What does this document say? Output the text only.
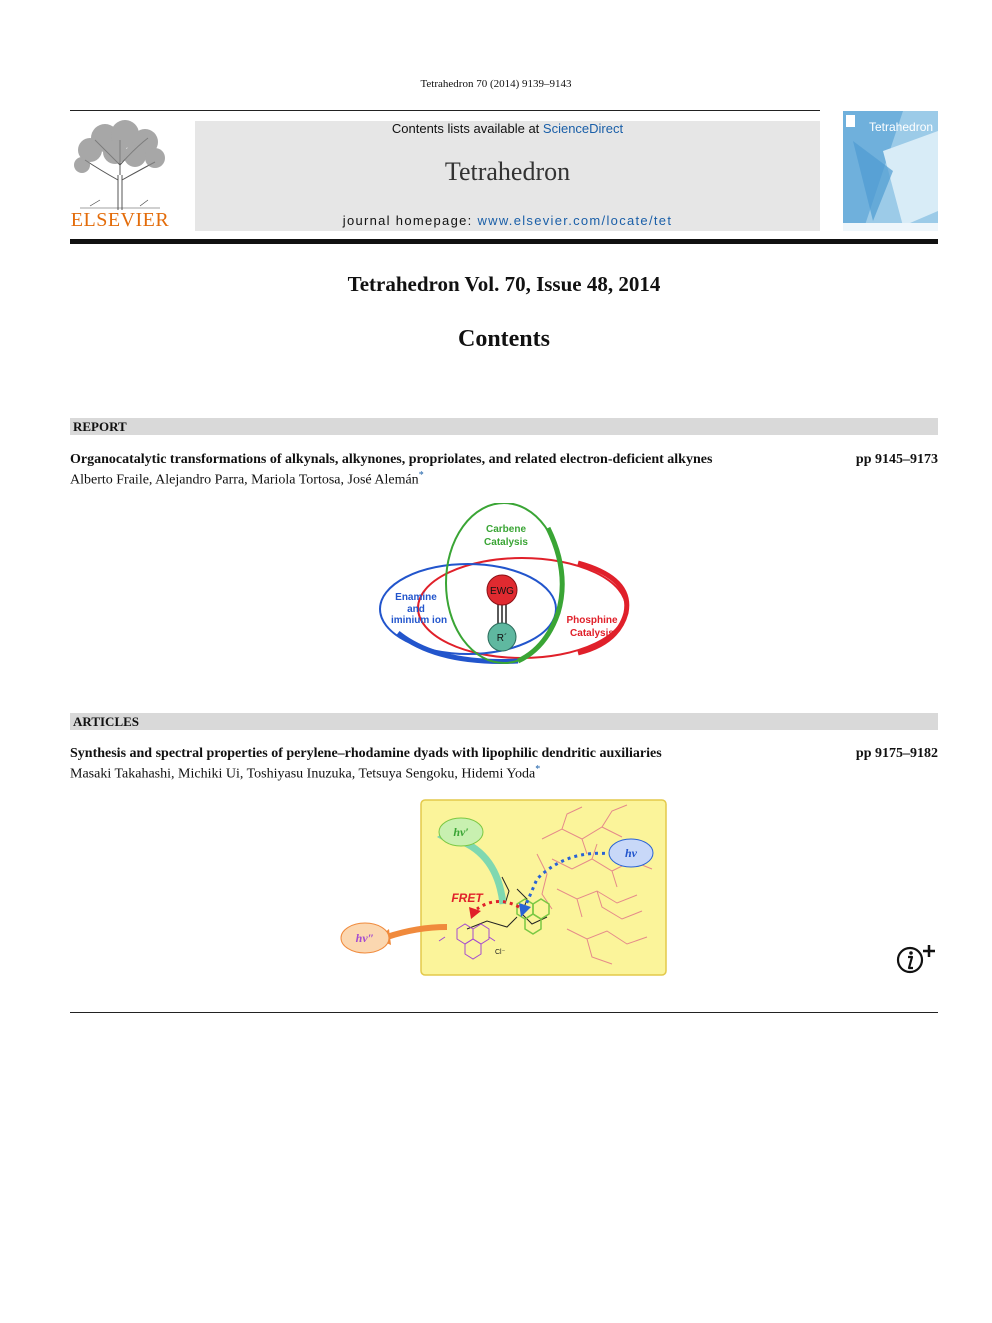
Tetrahedron 70 (2014) 9139–9143
ELSEVIER
Contents lists available at ScienceDirect
Tetrahedron
journal homepage: www.elsevier.com/locate/tet
Tetrahedron
Tetrahedron Vol. 70, Issue 48, 2014
Contents
REPORT
Organocatalytic transformations of alkynals, alkynones, propriolates, and related electron-deficient alkynes	pp 9145–9173
Alberto Fraile, Alejandro Parra, Mariola Tortosa, José Alemán*
Carbene
Catalysis
Enamine
and
iminium ion	Phosphine
Catalysis
EWG
R´
ARTICLES
Synthesis and spectral properties of perylene–rhodamine dyads with lipophilic dendritic auxiliaries	pp 9175–9182
Masaki Takahashi, Michiki Ui, Toshiyasu Inuzuka, Tetsuya Sengoku, Hidemi Yoda*
hν′
hν
hν″
FRET
Cl⁻
